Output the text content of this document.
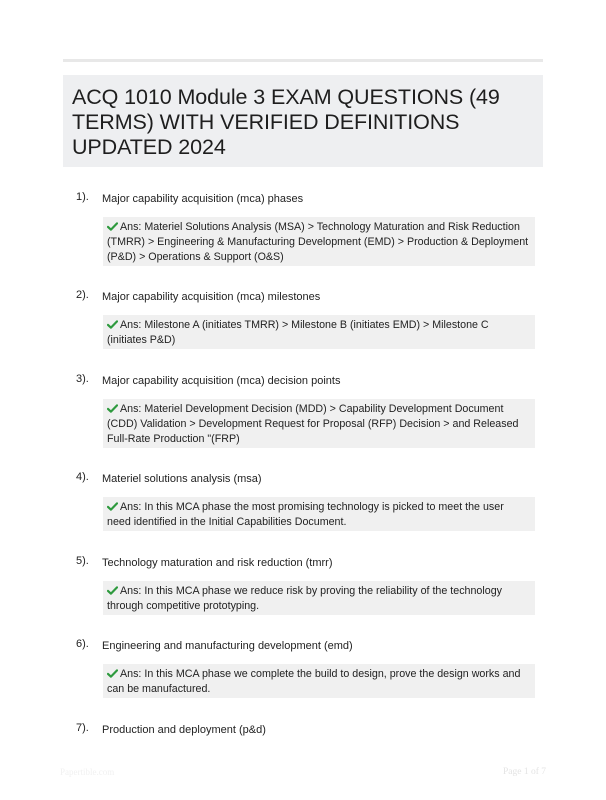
ACQ 1010 Module 3 EXAM QUESTIONS (49 TERMS) WITH VERIFIED DEFINITIONS UPDATED 2024
1). Major capability acquisition (mca) phases
Ans: Materiel Solutions Analysis (MSA) > Technology Maturation and Risk Reduction (TMRR) > Engineering & Manufacturing Development (EMD) > Production & Deployment (P&D) > Operations & Support (O&S)
2). Major capability acquisition (mca) milestones
Ans: Milestone A (initiates TMRR) > Milestone B (initiates EMD) > Milestone C (initiates P&D)
3). Major capability acquisition (mca) decision points
Ans: Materiel Development Decision (MDD) > Capability Development Document (CDD) Validation > Development Request for Proposal (RFP) Decision > and Released Full-Rate Production "(FRP)
4). Materiel solutions analysis (msa)
Ans: In this MCA phase the most promising technology is picked to meet the user need identified in the Initial Capabilities Document.
5). Technology maturation and risk reduction (tmrr)
Ans: In this MCA phase we reduce risk by proving the reliability of the technology through competitive prototyping.
6). Engineering and manufacturing development (emd)
Ans: In this MCA phase we complete the build to design, prove the design works and can be manufactured.
7). Production and deployment (p&d)
Papertible.com	Page 1 of 7
